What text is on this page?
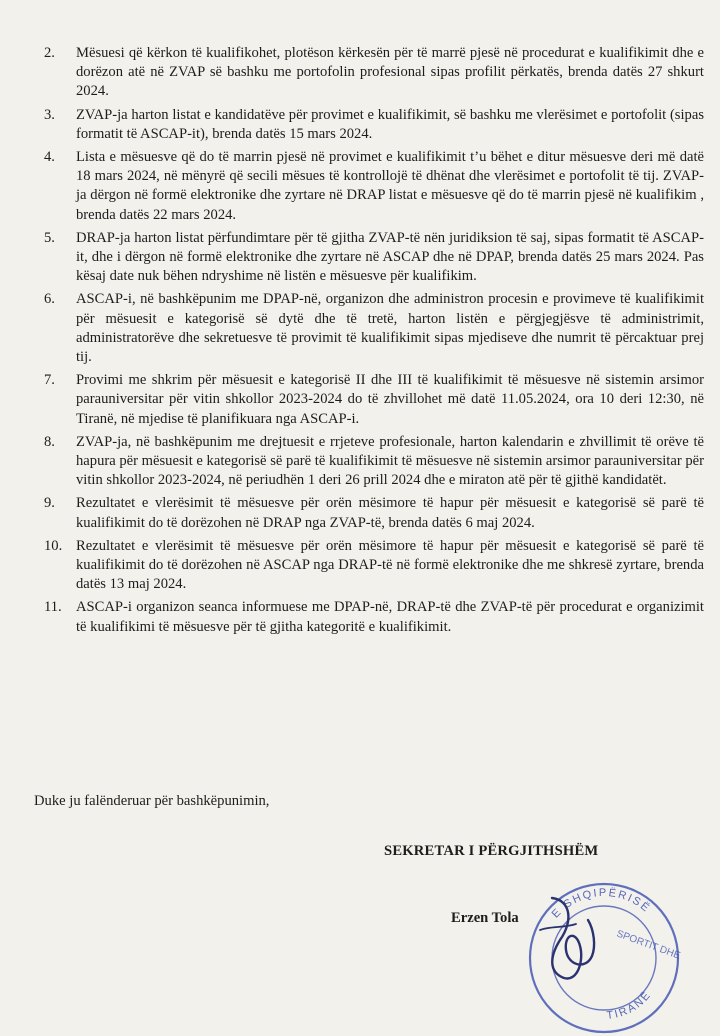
2.	Mësuesi që kërkon të kualifikohet, plotëson kërkesën për të marrë pjesë në procedurat e kualifikimit dhe e dorëzon atë në ZVAP së bashku me portofolin profesional sipas profilit përkatës, brenda datës 27 shkurt 2024.
3.	ZVAP-ja harton listat e kandidatëve për provimet e kualifikimit, së bashku me vlerësimet e portofolit (sipas formatit të ASCAP-it), brenda datës 15 mars 2024.
4.	Lista e mësuesve që do të marrin pjesë në provimet e kualifikimit t’u bëhet e ditur mësuesve deri më datë 18 mars 2024, në mënyrë që secili mësues të kontrollojë të dhënat dhe vlerësimet e portofolit të tij. ZVAP-ja dërgon në formë elektronike dhe zyrtare në DRAP listat e mësuesve që do të marrin pjesë në kualifikim , brenda datës 22 mars 2024.
5.	DRAP-ja harton listat përfundimtare për të gjitha ZVAP-të nën juridiksion të saj, sipas formatit të ASCAP-it, dhe i dërgon në formë elektronike dhe zyrtare në ASCAP dhe në DPAP, brenda datës 25 mars 2024. Pas kësaj date nuk bëhen ndryshime në listën e mësuesve për kualifikim.
6.	ASCAP-i, në bashkëpunim me DPAP-në, organizon dhe administron procesin e provimeve të kualifikimit për mësuesit e kategorisë së dytë dhe të tretë, harton listën e përgjegjësve të administrimit, administratorëve dhe sekretuesve të provimit të kualifikimit sipas mjediseve dhe numrit të përcaktuar prej tij.
7.	Provimi me shkrim për mësuesit e kategorisë II dhe III të kualifikimit të mësuesve në sistemin arsimor parauniversitar për vitin shkollor 2023-2024 do të zhvillohet më datë 11.05.2024, ora 10 deri 12:30, në Tiranë, në mjedise të planifikuara nga ASCAP-i.
8.	ZVAP-ja, në bashkëpunim me drejtuesit e rrjeteve profesionale, harton kalendarin e zhvillimit të orëve të hapura për mësuesit e kategorisë së parë të kualifikimit të mësuesve në sistemin arsimor parauniversitar për vitin shkollor 2023-2024, në periudhën 1 deri 26 prill 2024 dhe e miraton atë për të gjithë kandidatët.
9.	Rezultatet e vlerësimit të mësuesve për orën mësimore të hapur për mësuesit e kategorisë së parë të kualifikimit do të dorëzohen në DRAP nga ZVAP-të, brenda datës 6 maj 2024.
10. Rezultatet e vlerësimit të mësuesve për orën mësimore të hapur për mësuesit e kategorisë së parë të kualifikimit do të dorëzohen në ASCAP nga DRAP-të në formë elektronike dhe me shkresë zyrtare, brenda datës 13 maj 2024.
11. ASCAP-i organizon seanca informuese me DPAP-në, DRAP-të dhe ZVAP-të për procedurat e organizimit të kualifikimi të mësuesve për të gjitha kategoritë e kualifikimit.
Duke ju falënderuar për bashkëpunimin,
SEKRETAR I PËRGJITHSHËM
E SHQIPËRISË
TIRANË
SPORTIT DHE
Erzen Tola
